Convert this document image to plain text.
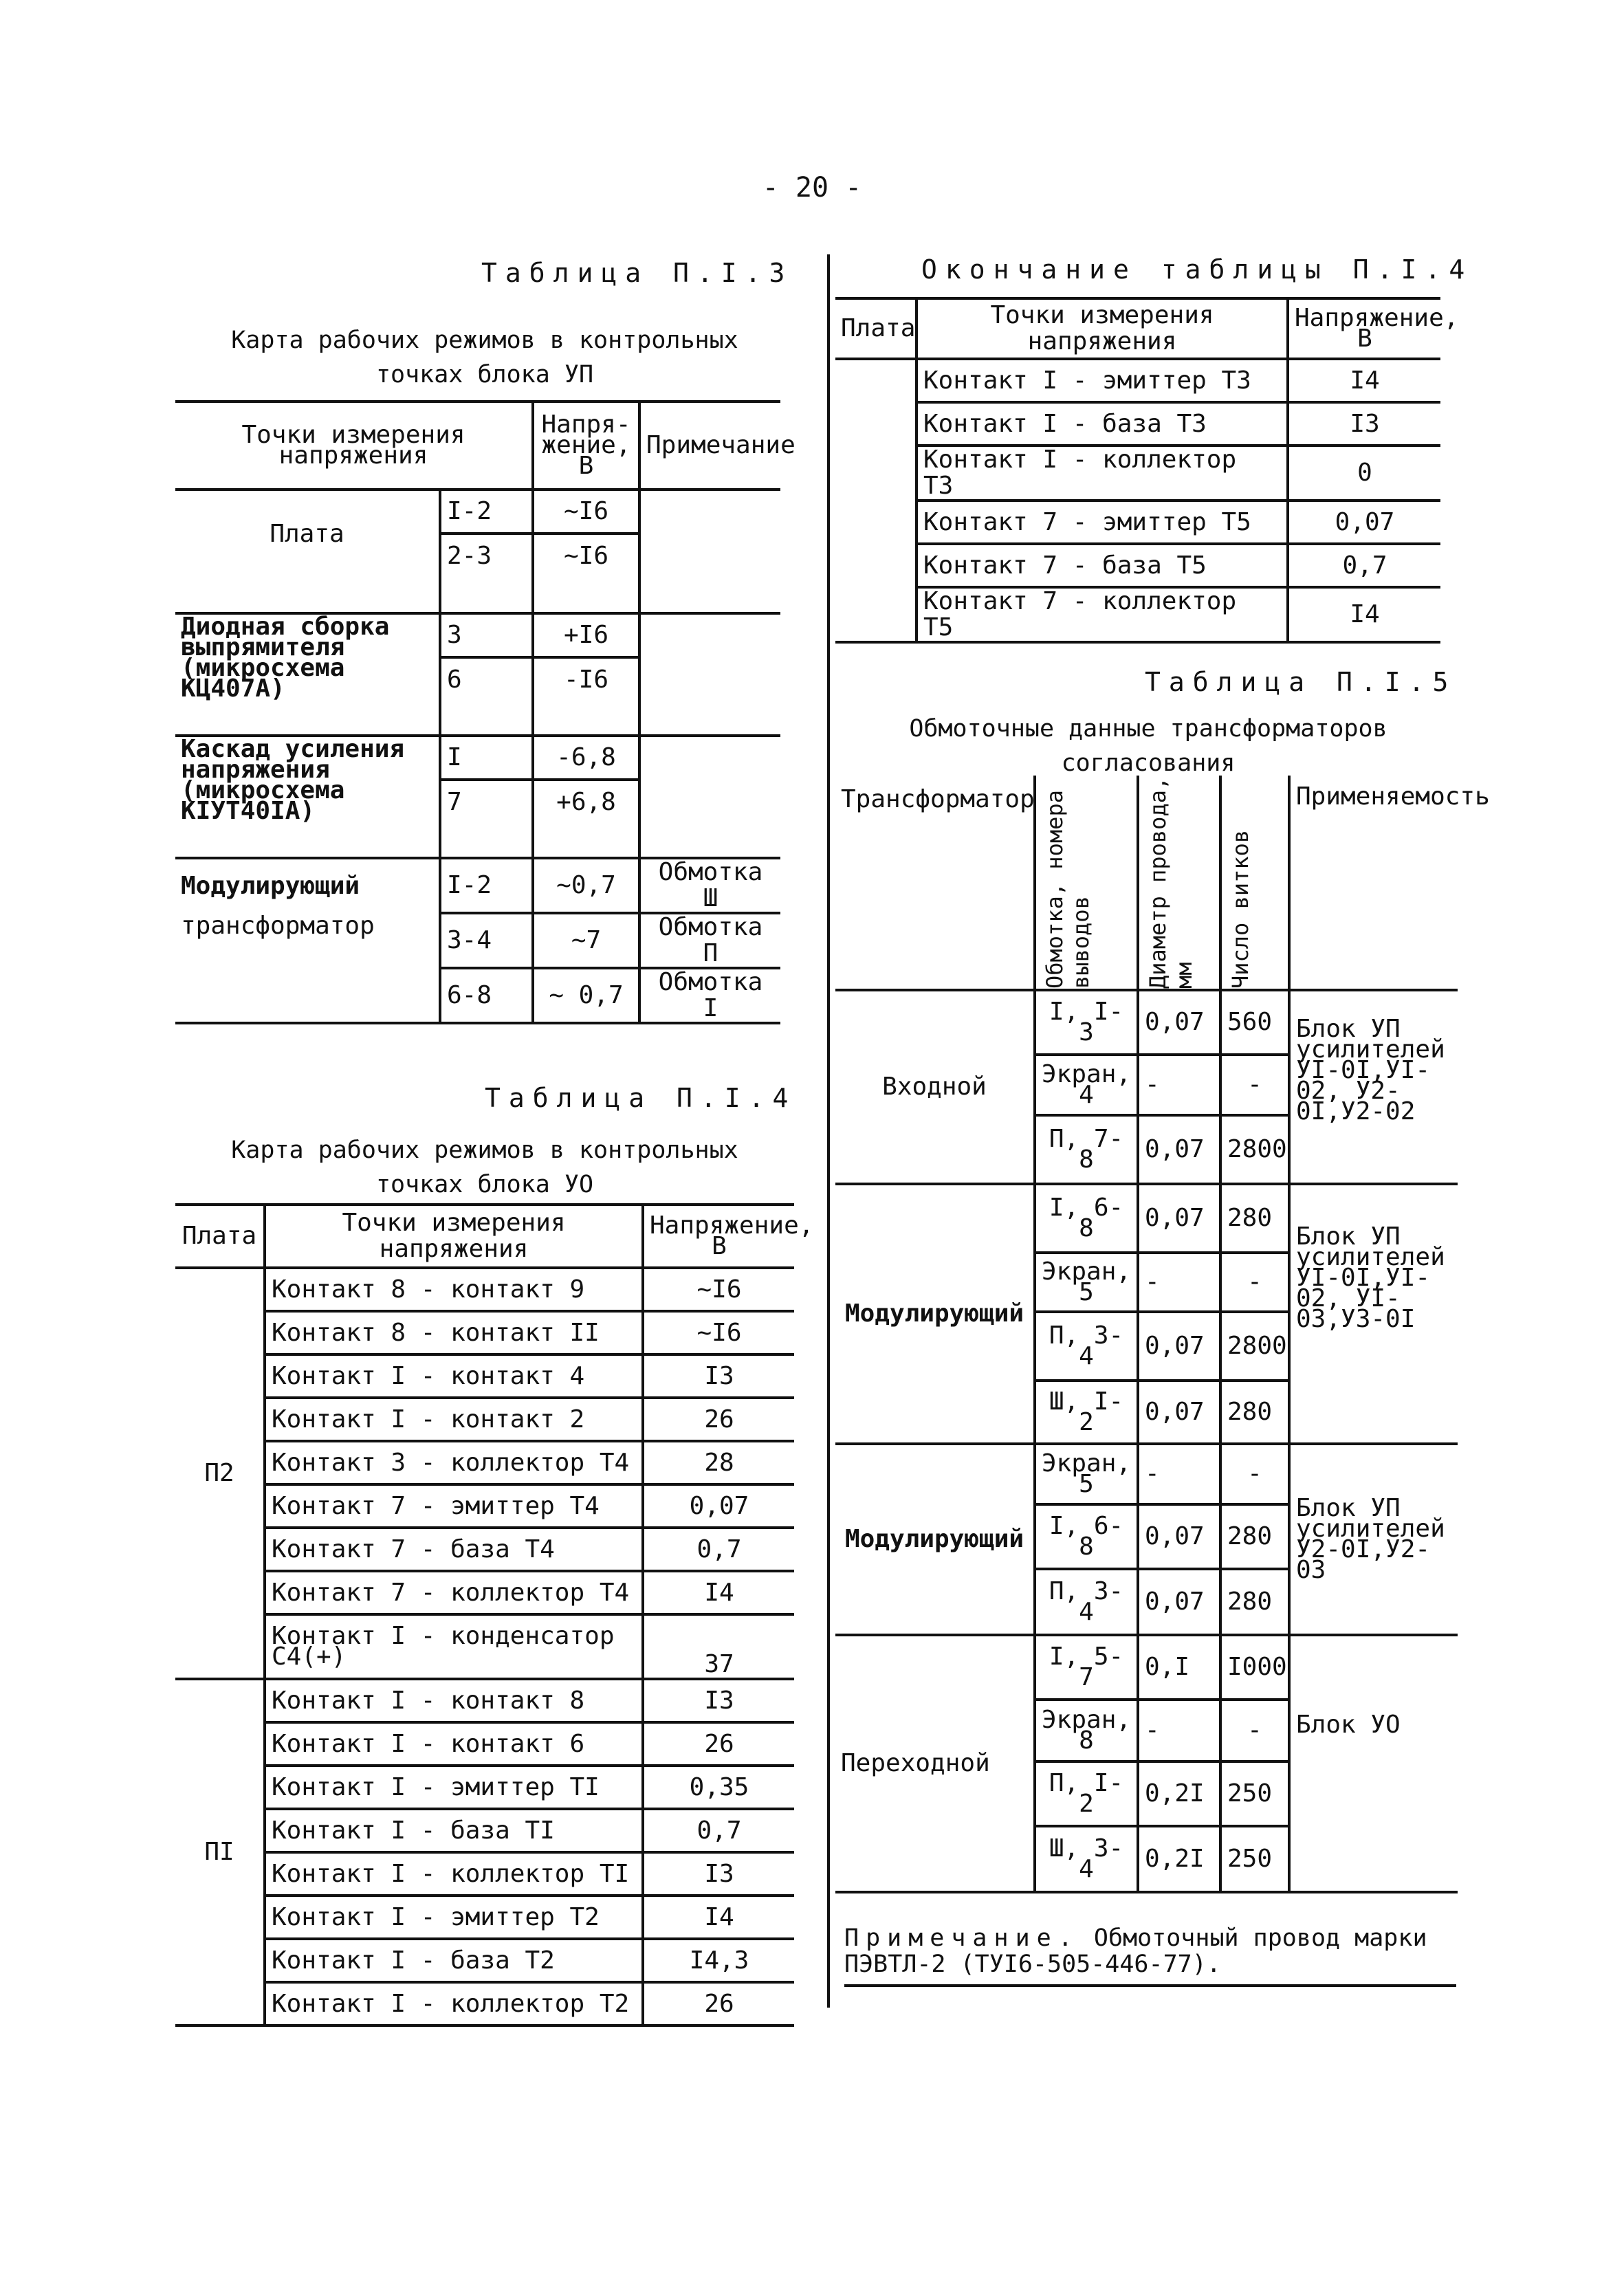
- 20 -
Таблица П.I.3
Карта рабочих режимов в контрольных
точках блока УП
Точки измерения напряжения		Напря-жение, В	Примечание
Плата	I-2	~I6	
	2-3	~I6	

Диодная сборка выпрямителя (микросхема КЦ407А)	3	+I6	
	6	-I6	

Каскад усиления напряжения (микросхема КIУТ40IА)	I	-6,8	
	7	+6,8	

Модулирующий	I-2	~0,7	Обмотка Ш
трансформатор	3-4	~7	Обмотка П
	6-8	~ 0,7	Обмотка I
Таблица П.I.4
Карта рабочих режимов в контрольных
точках блока УО
Плата	Точки измерения напряжения	Напряжение, В
П2	Контакт 8 - контакт 9	~I6
	Контакт 8 - контакт II	~I6
	Контакт I - контакт 4	I3
	Контакт I - контакт 2	26
	Контакт 3 - коллектор Т4	28
	Контакт 7 - эмиттер Т4	0,07
	Контакт 7 - база Т4	0,7
	Контакт 7 - коллектор Т4	I4
	Контакт I - конденсатор С4(+)	37
ПI	Контакт I - контакт 8	I3
	Контакт I - контакт 6	26
	Контакт I - эмиттер ТI	0,35
	Контакт I - база ТI	0,7
	Контакт I - коллектор ТI	I3
	Контакт I - эмиттер Т2	I4
	Контакт I - база Т2	I4,3
	Контакт I - коллектор Т2	26
Окончание таблицы П.I.4
Плата	Точки измерения напряжения	Напряжение, В
	Контакт I - эмиттер Т3	I4
	Контакт I - база Т3	I3
	Контакт I - коллектор Т3	0
	Контакт 7 - эмиттер Т5	0,07
	Контакт 7 - база Т5	0,7
	Контакт 7 - коллектор Т5	I4
Таблица П.I.5
Обмоточные данные трансформаторов согласования
Трансформатор	Обмотка, номера выводов	Диаметр провода, мм	Число витков	Применяемость
Входной	I, I-3	0,07	560	Блок УП усилителей УI-0I,УI-02, У2-0I,У2-02
	Экран, 4	-	-	
	П, 7-8	0,07	2800	
Модулирующий	I, 6-8	0,07	280	Блок УП усилителей УI-0I,УI-02, УI-03,У3-0I
	Экран, 5	-	-	
	П, 3-4	0,07	2800	
	Ш, I-2	0,07	280	
Модулирующий	Экран, 5	-	-	Блок УП усилителей У2-0I,У2-03
	I, 6-8	0,07	280	
	П, 3-4	0,07	280	
Переходной	I, 5-7	0,I	I000	Блок УО
	Экран, 8	-	-	
	П, I-2	0,2I	250	
	Ш, 3-4	0,2I	250	
Примечание. Обмоточный провод марки ПЭВТЛ-2 (ТУI6-505-446-77).
